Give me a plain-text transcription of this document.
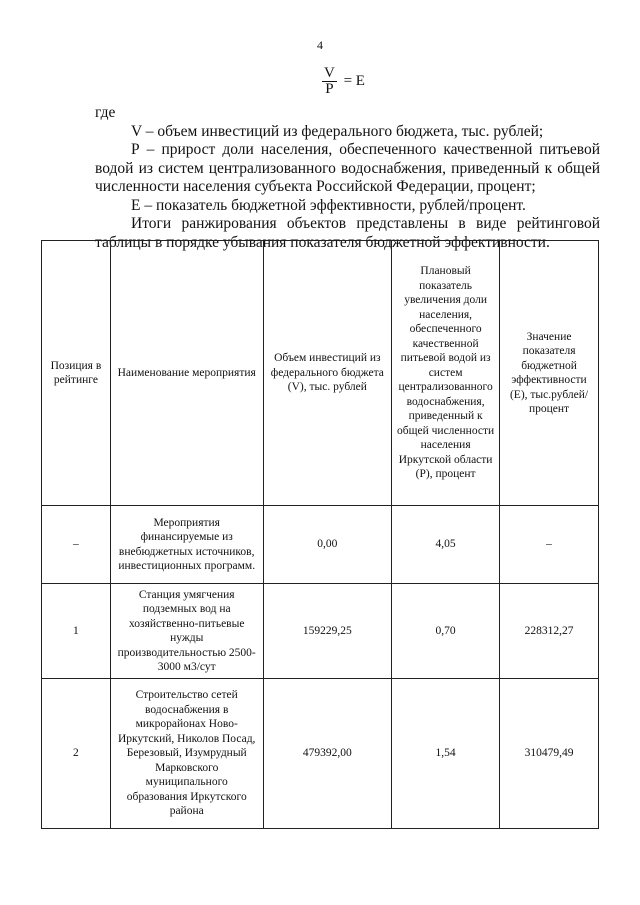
4
$\frac{V}{P} = E$

где

V – объем инвестиций из федерального бюджета, тыс. рублей;

Р – прирост доли населения, обеспеченного качественной питьевой водой из систем централизованного водоснабжения, приведенный к общей численности населения субъекта Российской Федерации, процент;

Е – показатель бюджетной эффективности, рублей/процент.

Итоги ранжирования объектов представлены в виде рейтинговой таблицы в порядке убывания показателя бюджетной эффективности.

Позиция в рейтинге	Наименование мероприятия	Объем инвестиций из федерального бюджета (V), тыс. рублей	Плановый показатель увеличения доли населения, обеспеченного качественной питьевой водой из систем централизованного водоснабжения, приведенный к общей численности населения Иркутской области (Р), процент	Значение показателя бюджетной эффективности (Е), тыс.рублей/ процент
–	Мероприятия финансируемые из внебюджетных источников, инвестиционных программ.	0,00	4,05	–
1	Станция умягчения подземных вод на хозяйственно-питьевые нужды производительностью 2500-3000 м3/сут	159229,25	0,70	228312,27
2	Строительство сетей водоснабжения в микрорайонах Ново-Иркутский, Николов Посад, Березовый, Изумрудный Марковского муниципального образования Иркутского района	479392,00	1,54	310479,49
